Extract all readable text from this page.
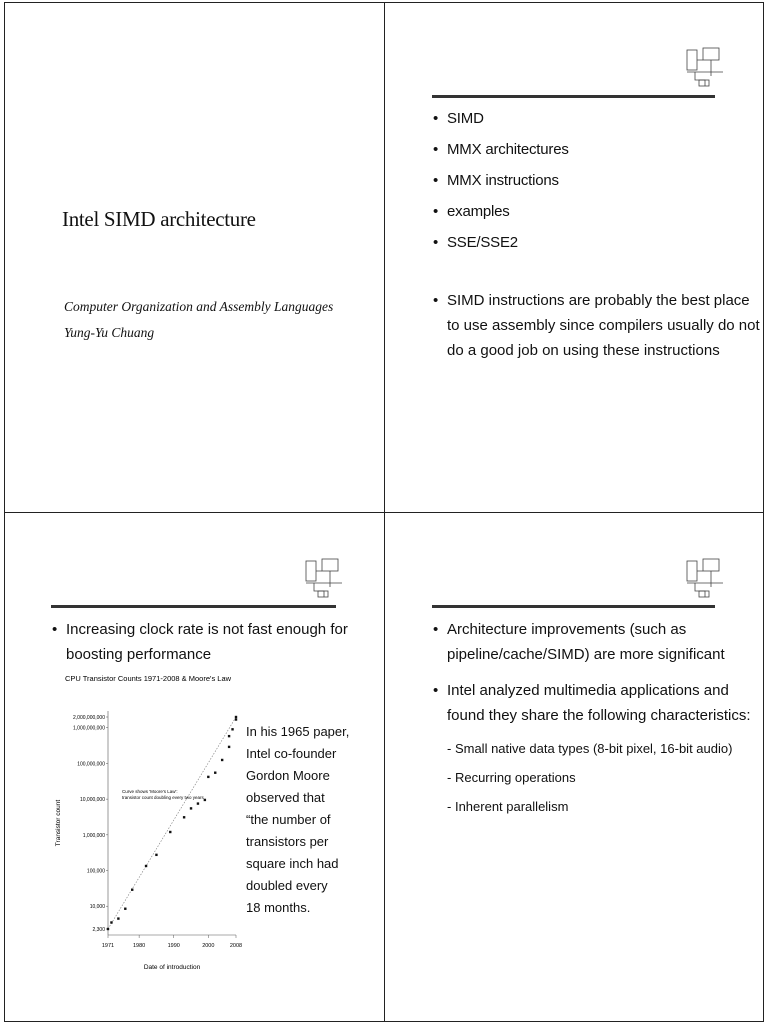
Intel SIMD architecture
Computer Organization and Assembly Languages
Yung-Yu Chuang
• SIMD
• MMX architectures
• MMX instructions
• examples
• SSE/SSE2
• SIMD instructions are probably the best place
to use assembly since compilers usually do not
do a good job on using these instructions
• Increasing clock rate is not fast enough for
boosting performance
CPU Transistor Counts 1971-2008 & Moore's Law
2,000,000,000
1,000,000,000
100,000,000
10,000,000
1,000,000
100,000
10,000
2,300
1971	1980	1990	2000	2008
Date of introduction
Transistor count
Curve shows 'Moore's Law':
transistor count doubling every two years
In his 1965 paper,
Intel co-founder
Gordon Moore
observed that
“the number of
transistors per
square inch had
doubled every
18 months.
• Architecture improvements (such as
pipeline/cache/SIMD) are more significant
• Intel analyzed multimedia applications and
found they share the following characteristics:
- Small native data types (8-bit pixel, 16-bit audio)
- Recurring operations
- Inherent parallelism
